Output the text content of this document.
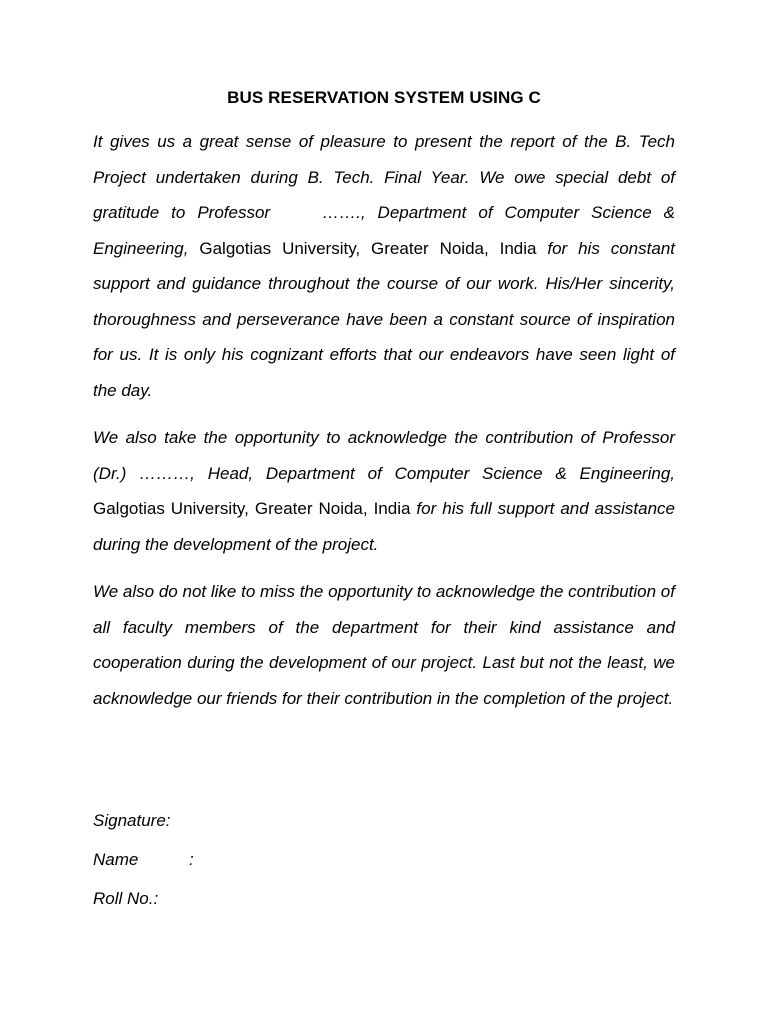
BUS RESERVATION SYSTEM USING C

It gives us a great sense of pleasure to present the report of the B. Tech Project undertaken during B. Tech. Final Year. We owe special debt of gratitude to Professor	……., Department of Computer Science & Engineering, Galgotias University, Greater Noida, India for his constant support and guidance throughout the course of our work. His/Her sincerity, thoroughness and perseverance have been a constant source of inspiration for us. It is only his cognizant efforts that our endeavors have seen light of the day.

We also take the opportunity to acknowledge the contribution of Professor (Dr.) ………, Head, Department of Computer Science & Engineering, Galgotias University, Greater Noida, India for his full support and assistance during the development of the project.

We also do not like to miss the opportunity to acknowledge the contribution of all faculty members of the department for their kind assistance and cooperation during the development of our project. Last but not the least, we acknowledge our friends for their contribution in the completion of the project.

Signature:
Name	:
Roll No.:
